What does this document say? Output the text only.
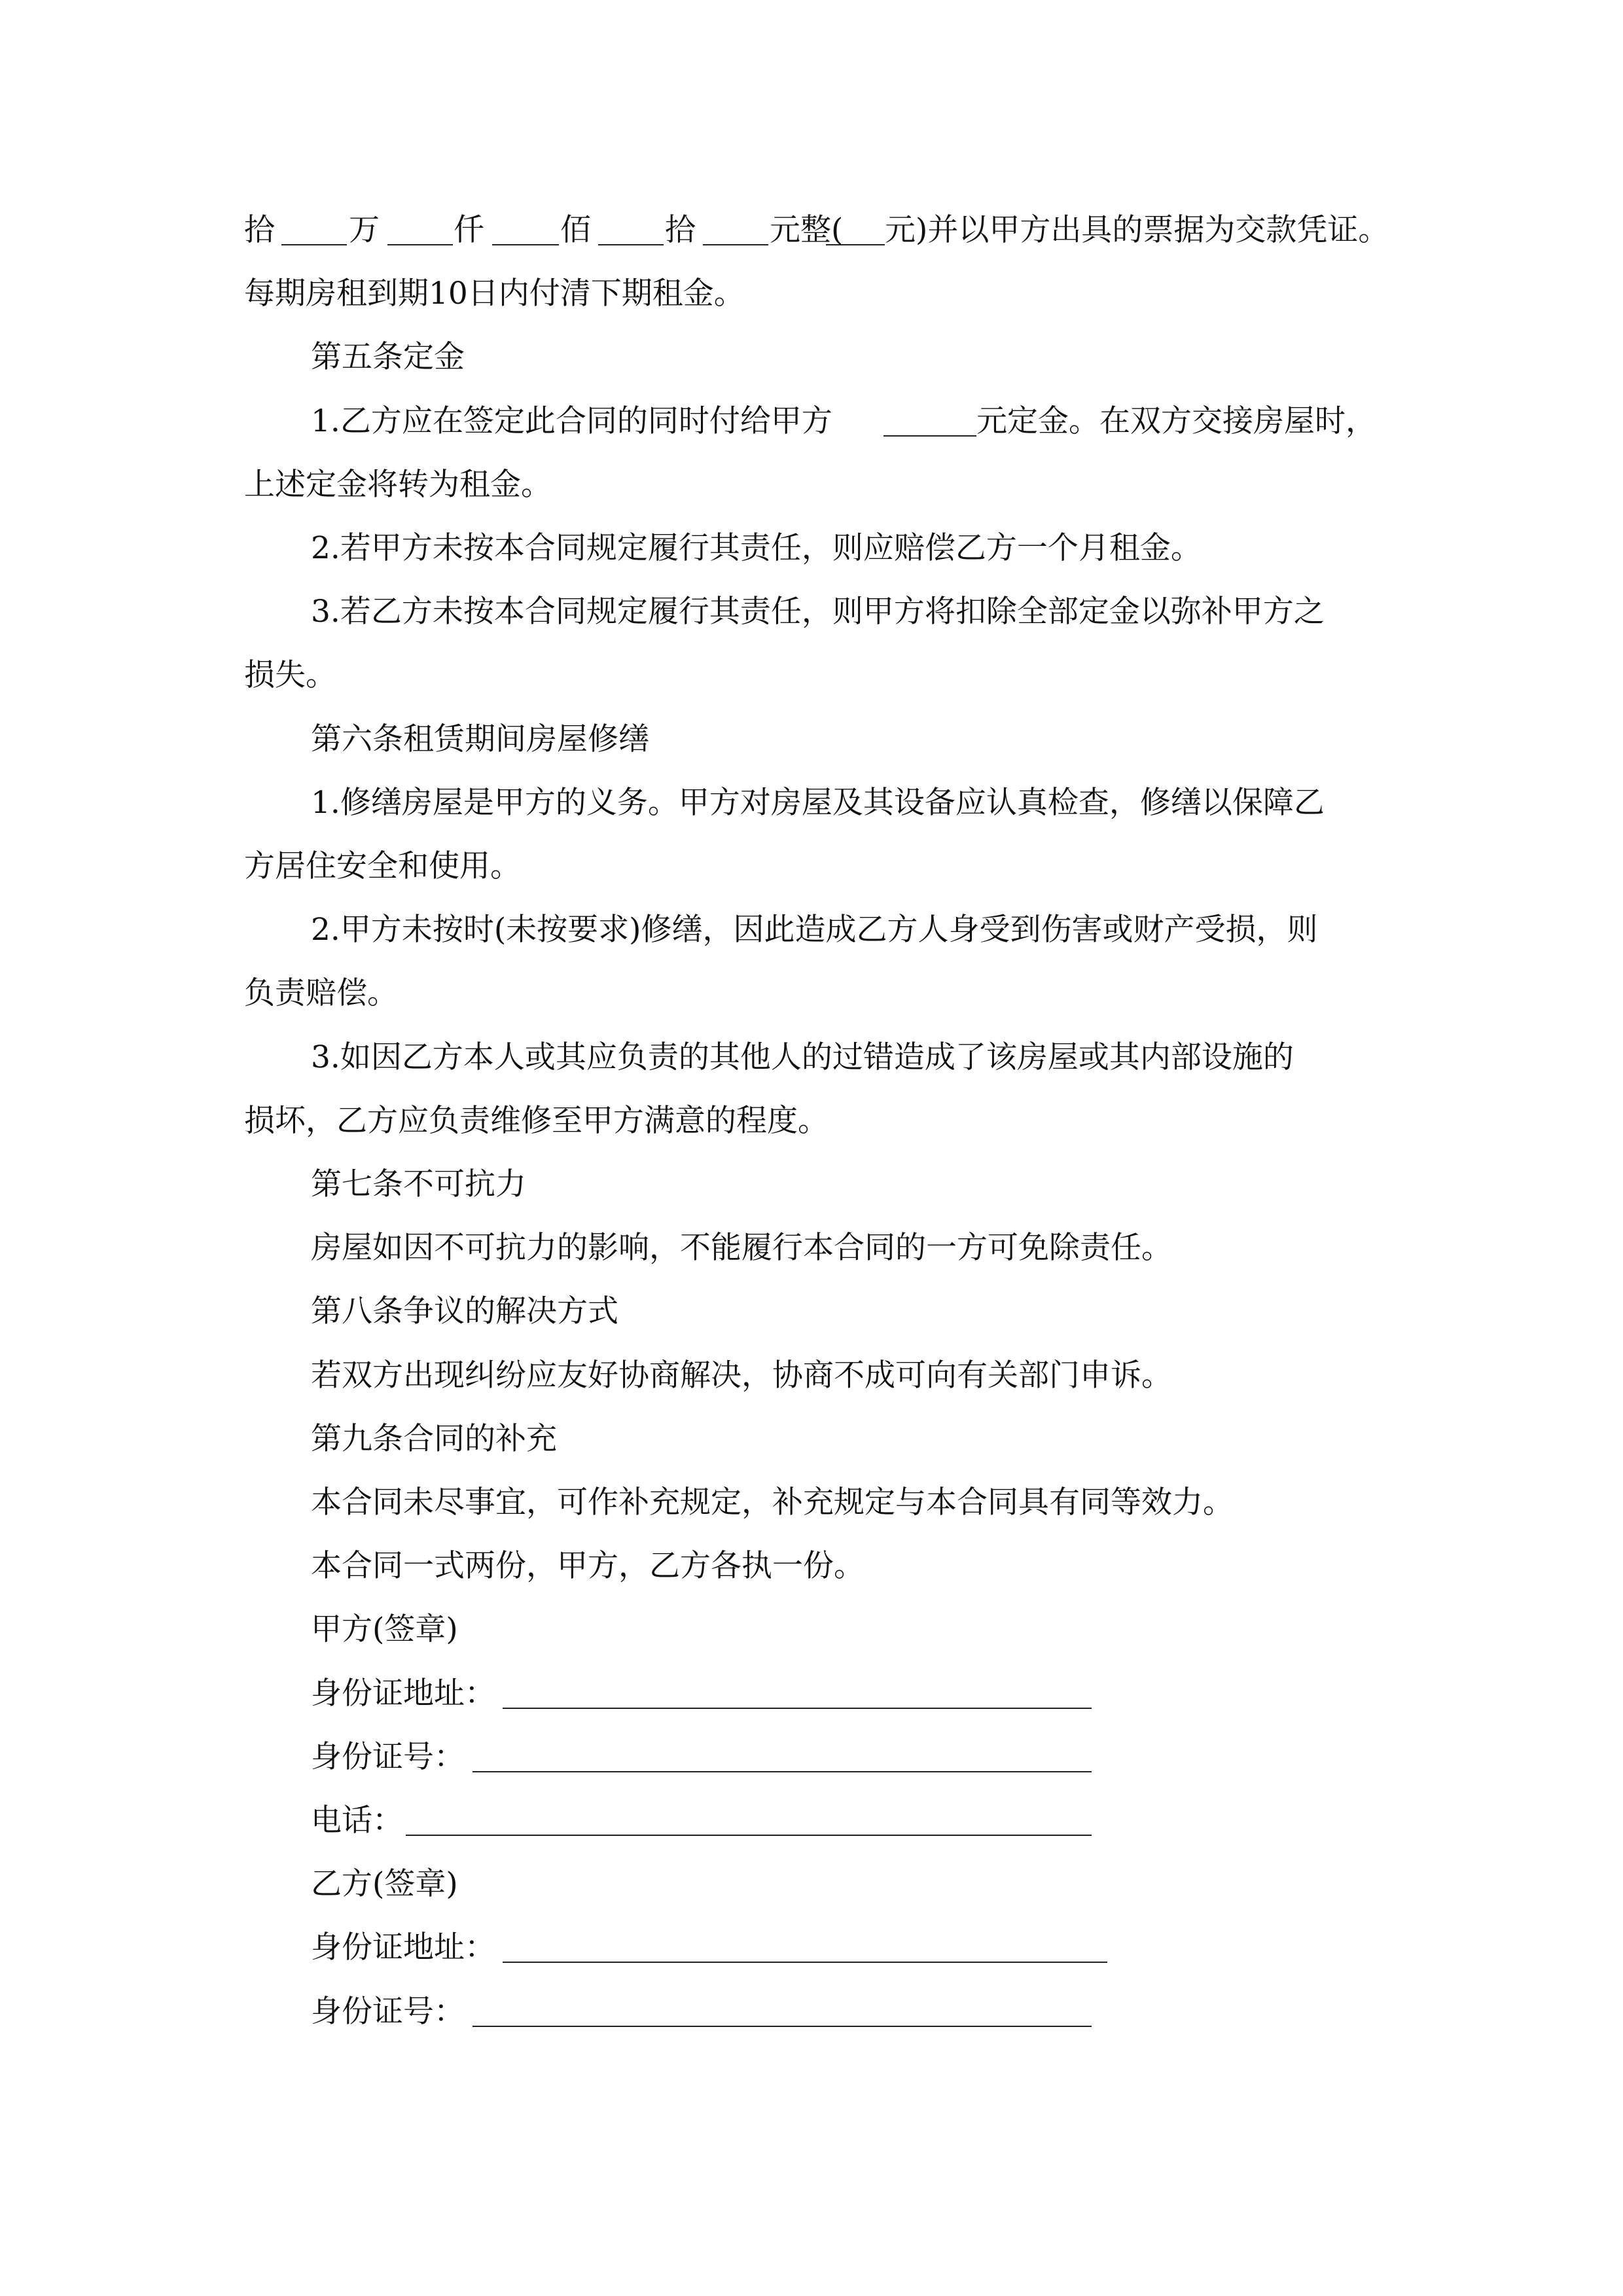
拾 万 仟 佰 拾 元整( 元)并以甲方出具的票据为交款凭证。
每期房租到期10日内付清下期租金。
第五条定金
1.乙方应在签定此合同的同时付给甲方	元定金。在双方交接房屋时，
上述定金将转为租金。
2.若甲方未按本合同规定履行其责任，则应赔偿乙方一个月租金。
3.若乙方未按本合同规定履行其责任，则甲方将扣除全部定金以弥补甲方之
损失。
第六条租赁期间房屋修缮
1.修缮房屋是甲方的义务。甲方对房屋及其设备应认真检查，修缮以保障乙
方居住安全和使用。
2.甲方未按时(未按要求)修缮，因此造成乙方人身受到伤害或财产受损，则
负责赔偿。
3.如因乙方本人或其应负责的其他人的过错造成了该房屋或其内部设施的
损坏，乙方应负责维修至甲方满意的程度。
第七条不可抗力
房屋如因不可抗力的影响，不能履行本合同的一方可免除责任。
第八条争议的解决方式
若双方出现纠纷应友好协商解决，协商不成可向有关部门申诉。
第九条合同的补充
本合同未尽事宜，可作补充规定，补充规定与本合同具有同等效力。
本合同一式两份，甲方，乙方各执一份。
甲方(签章)
身份证地址：
身份证号：
电话：
乙方(签章)
身份证地址：
身份证号：
